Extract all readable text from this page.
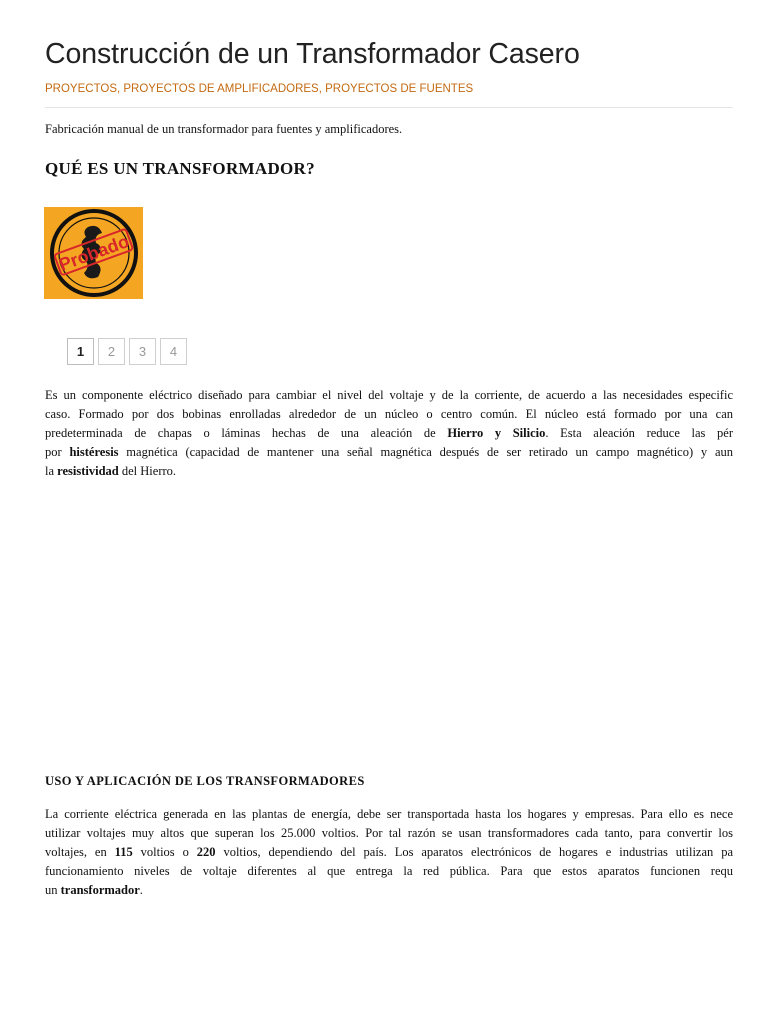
Construcción de un Transformador Casero
PROYECTOS, PROYECTOS DE AMPLIFICADORES, PROYECTOS DE FUENTES
Fabricación manual de un transformador para fuentes y amplificadores.
QUÉ ES UN TRANSFORMADOR?
Probado
1	2	3	4
Es un componente eléctrico diseñado para cambiar el nivel del voltaje y de la corriente, de acuerdo a las necesidades especific
caso. Formado por dos bobinas enrolladas alrededor de un núcleo o centro común. El núcleo está formado por una can
predeterminada de chapas o láminas hechas de una aleación de Hierro y Silicio. Esta aleación reduce las pér
por histéresis magnética (capacidad de mantener una señal magnética después de ser retirado un campo magnético) y aun
la resistividad del Hierro.
USO Y APLICACIÓN DE LOS TRANSFORMADORES
La corriente eléctrica generada en las plantas de energía, debe ser transportada hasta los hogares y empresas. Para ello es nece
utilizar voltajes muy altos que superan los 25.000 voltios. Por tal razón se usan transformadores cada tanto, para convertir los
voltajes, en 115 voltios o 220 voltios, dependiendo del país. Los aparatos electrónicos de hogares e industrias utilizan pa
funcionamiento niveles de voltaje diferentes al que entrega la red pública. Para que estos aparatos funcionen requ
un transformador.
